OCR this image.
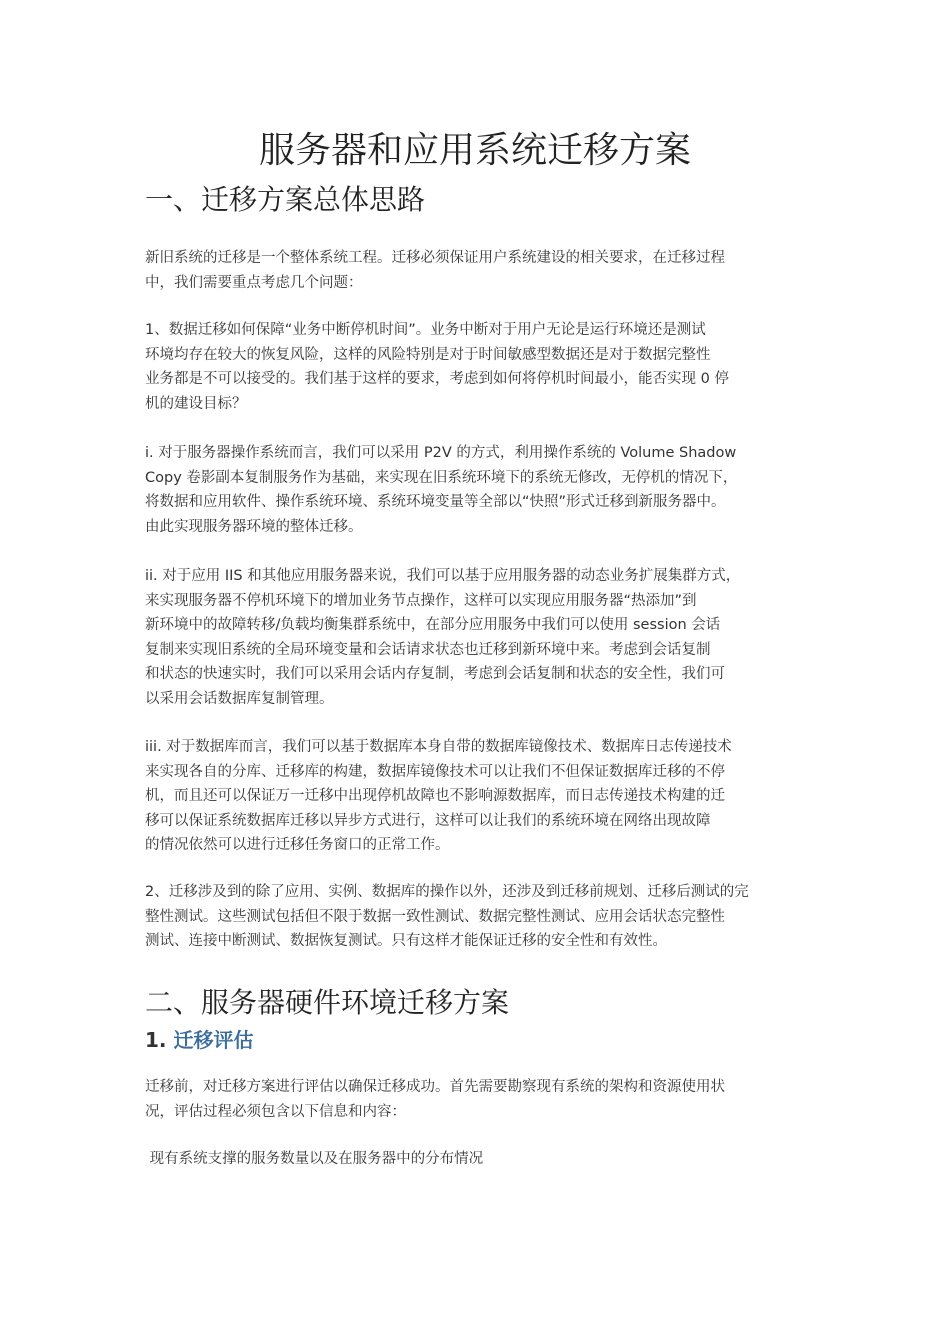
服务器和应用系统迁移方案
一、迁移方案总体思路

新旧系统的迁移是一个整体系统工程。迁移必须保证用户系统建设的相关要求，在迁移过程
中，我们需要重点考虑几个问题：

1、数据迁移如何保障“业务中断停机时间”。业务中断对于用户无论是运行环境还是测试
环境均存在较大的恢复风险，这样的风险特别是对于时间敏感型数据还是对于数据完整性
业务都是不可以接受的。我们基于这样的要求，考虑到如何将停机时间最小，能否实现 0 停
机的建设目标？

i. 对于服务器操作系统而言，我们可以采用 P2V 的方式，利用操作系统的 Volume Shadow
Copy 卷影副本复制服务作为基础，来实现在旧系统环境下的系统无修改，无停机的情况下，
将数据和应用软件、操作系统环境、系统环境变量等全部以“快照”形式迁移到新服务器中。
由此实现服务器环境的整体迁移。

ii. 对于应用 IIS 和其他应用服务器来说，我们可以基于应用服务器的动态业务扩展集群方式，
来实现服务器不停机环境下的增加业务节点操作，这样可以实现应用服务器“热添加”到
新环境中的故障转移/负载均衡集群系统中，在部分应用服务中我们可以使用 session 会话
复制来实现旧系统的全局环境变量和会话请求状态也迁移到新环境中来。考虑到会话复制
和状态的快速实时，我们可以采用会话内存复制，考虑到会话复制和状态的安全性，我们可
以采用会话数据库复制管理。

iii. 对于数据库而言，我们可以基于数据库本身自带的数据库镜像技术、数据库日志传递技术
来实现各自的分库、迁移库的构建，数据库镜像技术可以让我们不但保证数据库迁移的不停
机，而且还可以保证万一迁移中出现停机故障也不影响源数据库，而日志传递技术构建的迁
移可以保证系统数据库迁移以异步方式进行，这样可以让我们的系统环境在网络出现故障
的情况依然可以进行迁移任务窗口的正常工作。

2、迁移涉及到的除了应用、实例、数据库的操作以外，还涉及到迁移前规划、迁移后测试的完
整性测试。这些测试包括但不限于数据一致性测试、数据完整性测试、应用会话状态完整性
测试、连接中断测试、数据恢复测试。只有这样才能保证迁移的安全性和有效性。

二、服务器硬件环境迁移方案
1. 迁移评估

迁移前，对迁移方案进行评估以确保迁移成功。首先需要勘察现有系统的架构和资源使用状
况，评估过程必须包含以下信息和内容：

现有系统支撑的服务数量以及在服务器中的分布情况
